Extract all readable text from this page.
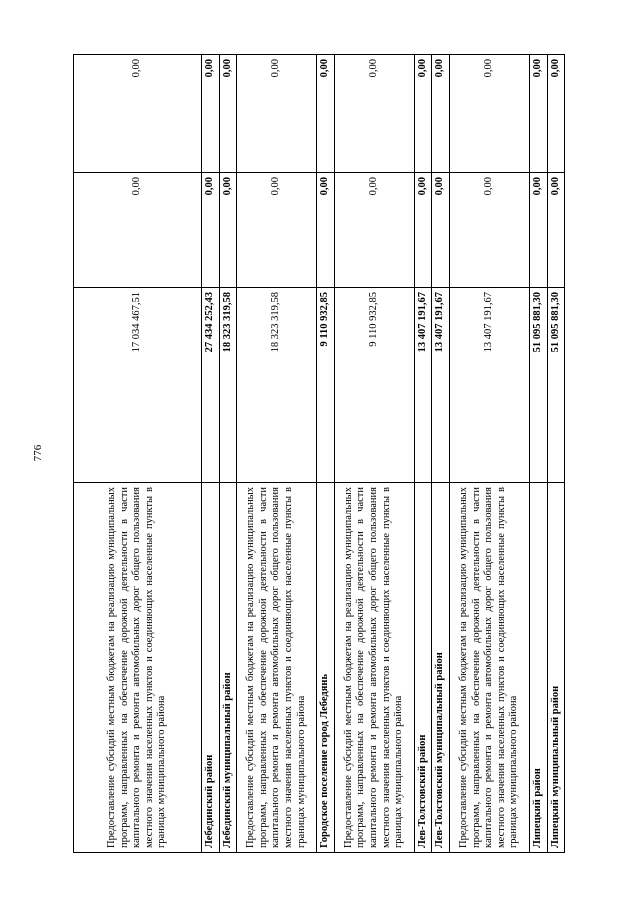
776
Предоставление субсидий местным бюджетам на реализацию муниципальных программ, направленных на обеспечение дорожной деятельности в части капитального ремонта и ремонта автомобильных дорог общего пользования местного значения населенных пунктов и соединяющих населенные пункты в границах муниципального района	17 034 467,51	0,00	0,00
Лебединский район	27 434 252,43	0,00	0,00
Лебединский муниципальный район	18 323 319,58	0,00	0,00
Предоставление субсидий местным бюджетам на реализацию муниципальных программ, направленных на обеспечение дорожной деятельности в части капитального ремонта и ремонта автомобильных дорог общего пользования местного значения населенных пунктов и соединяющих населенные пункты в границах муниципального района	18 323 319,58	0,00	0,00
Городское поселение город Лебедянь	9 110 932,85	0,00	0,00
Предоставление субсидий местным бюджетам на реализацию муниципальных программ, направленных на обеспечение дорожной деятельности в части капитального ремонта и ремонта автомобильных дорог общего пользования местного значения населенных пунктов и соединяющих населенные пункты в границах муниципального района	9 110 932,85	0,00	0,00
Лев-Толстовский район	13 407 191,67	0,00	0,00
Лев-Толстовский муниципальный район	13 407 191,67	0,00	0,00
Предоставление субсидий местным бюджетам на реализацию муниципальных программ, направленных на обеспечение дорожной деятельности в части капитального ремонта и ремонта автомобильных дорог общего пользования местного значения населенных пунктов и соединяющих населенные пункты в границах муниципального района	13 407 191,67	0,00	0,00
Липецкий район	51 095 881,30	0,00	0,00
Липецкий муниципальный район	51 095 881,30	0,00	0,00
